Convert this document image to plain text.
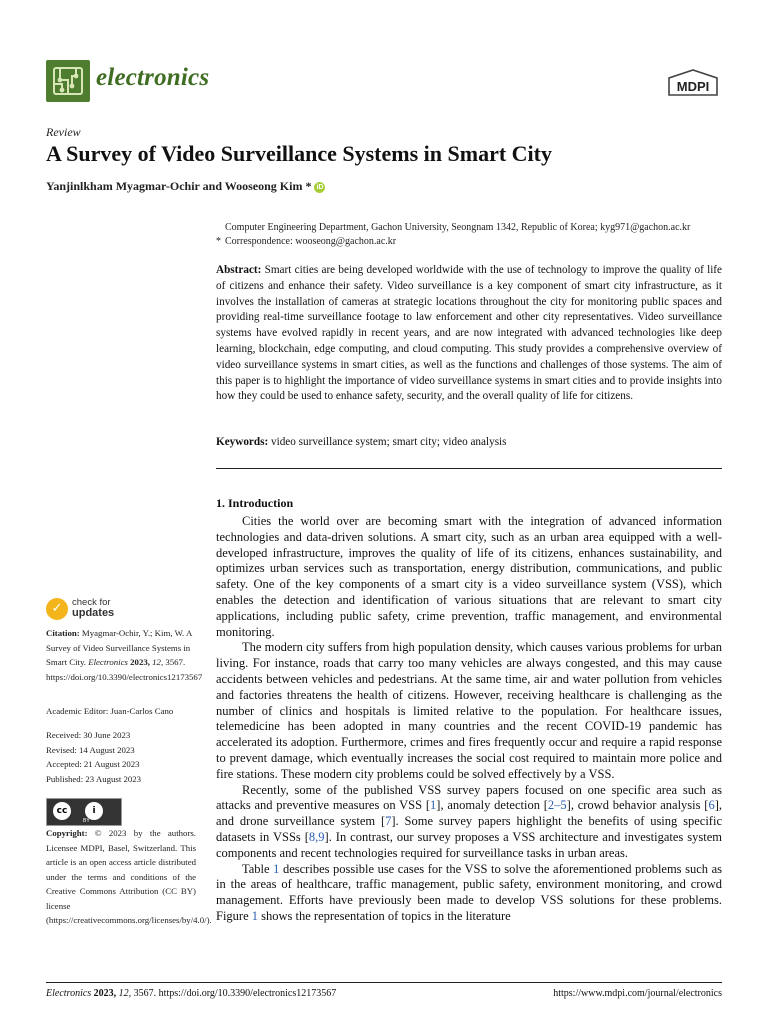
electronics	MDPI
Review
A Survey of Video Surveillance Systems in Smart City
Yanjinlkham Myagmar-Ochir and Wooseong Kim * iD
Computer Engineering Department, Gachon University, Seongnam 1342, Republic of Korea; kyg971@gachon.ac.kr
* Correspondence: wooseong@gachon.ac.kr
Abstract: Smart cities are being developed worldwide with the use of technology to improve the quality of life of citizens and enhance their safety. Video surveillance is a key component of smart city infrastructure, as it involves the installation of cameras at strategic locations throughout the city for monitoring public spaces and providing real-time surveillance footage to law enforcement and other city representatives. Video surveillance systems have evolved rapidly in recent years, and are now integrated with advanced technologies like deep learning, blockchain, edge computing, and cloud computing. This study provides a comprehensive overview of video surveillance systems in smart cities, as well as the functions and challenges of those systems. The aim of this paper is to highlight the importance of video surveillance systems in smart cities and to provide insights into how they could be used to enhance safety, security, and the overall quality of life for citizens.
Keywords: video surveillance system; smart city; video analysis
1. Introduction

Cities the world over are becoming smart with the integration of advanced information technologies and data-driven solutions. A smart city, such as an urban area equipped with a well-developed infrastructure, improves the quality of life of its citizens, enhances sustainability, and optimizes urban services such as transportation, energy distribution, communications, and public safety. One of the key components of a smart city is a video surveillance system (VSS), which enables the detection and identification of various situations that are relevant to smart city applications, including public safety, crime prevention, traffic management, and environmental monitoring.

The modern city suffers from high population density, which causes various problems for urban living. For instance, roads that carry too many vehicles are always congested, and this may cause accidents between vehicles and pedestrians. At the same time, air and water pollution from vehicles and factories threatens the health of citizens. However, receiving healthcare is challenging as the number of clinics and hospitals is limited relative to the population. For healthcare issues, telemedicine has been adopted in many countries and the recent COVID-19 pandemic has accelerated its adoption. Furthermore, crimes and fires frequently occur and require a rapid response to prevent damage, which eventually increases the social cost required to maintain more police and fire stations. These modern city problems could be solved effectively by a VSS.

Recently, some of the published VSS survey papers focused on one specific area such as attacks and preventive measures on VSS [1], anomaly detection [2–5], crowd behavior analysis [6], and drone surveillance system [7]. Some survey papers highlight the benefits of using specific datasets in VSSs [8,9]. In contrast, our survey proposes a VSS architecture and investigates system components and recent technologies required for surveillance tasks in urban areas.

Table 1 describes possible use cases for the VSS to solve the aforementioned problems such as in the areas of healthcare, traffic management, public safety, environment monitoring, and crowd management. Efforts have previously been made to develop VSS solutions for these problems. Figure 1 shows the representation of topics in the literature

✓	check for
updates
Citation: Myagmar-Ochir, Y.; Kim, W. A Survey of Video Surveillance Systems in Smart City. Electronics 2023, 12, 3567. https://doi.org/10.3390/electronics12173567
Academic Editor: Juan-Carlos Cano
Received: 30 June 2023
Revised: 14 August 2023
Accepted: 21 August 2023
Published: 23 August 2023
cc	i
BY
Copyright: © 2023 by the authors. Licensee MDPI, Basel, Switzerland. This article is an open access article distributed under the terms and conditions of the Creative Commons Attribution (CC BY) license (https://creativecommons.org/licenses/by/4.0/).
Electronics 2023, 12, 3567. https://doi.org/10.3390/electronics12173567	https://www.mdpi.com/journal/electronics
